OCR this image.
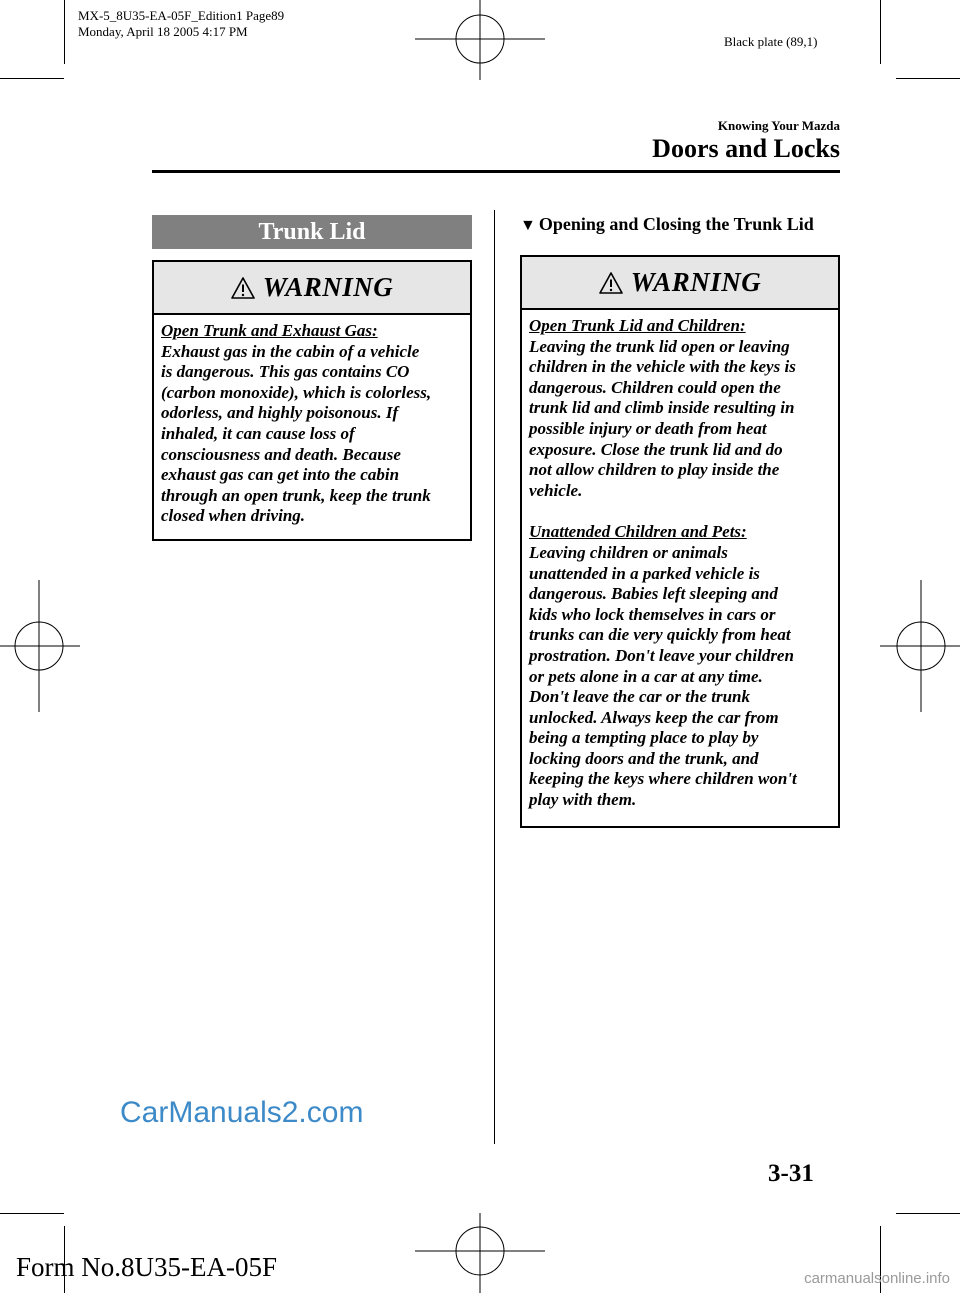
MX-5_8U35-EA-05F_Edition1 Page89
Monday, April 18 2005 4:17 PM
Black plate (89,1)
Knowing Your Mazda
Doors and Locks
Trunk Lid
WARNING
Open Trunk and Exhaust Gas:

Exhaust gas in the cabin of a vehicle

is dangerous. This gas contains CO

(carbon monoxide), which is colorless,

odorless, and highly poisonous. If

inhaled, it can cause loss of

consciousness and death. Because

exhaust gas can get into the cabin

through an open trunk, keep the trunk

closed when driving.

▼ Opening and Closing the Trunk Lid
WARNING
Open Trunk Lid and Children:

Leaving the trunk lid open or leaving

children in the vehicle with the keys is

dangerous. Children could open the

trunk lid and climb inside resulting in

possible injury or death from heat

exposure. Close the trunk lid and do

not allow children to play inside the

vehicle.

Unattended Children and Pets:

Leaving children or animals

unattended in a parked vehicle is

dangerous. Babies left sleeping and

kids who lock themselves in cars or

trunks can die very quickly from heat

prostration. Don't leave your children

or pets alone in a car at any time.

Don't leave the car or the trunk

unlocked. Always keep the car from

being a tempting place to play by

locking doors and the trunk, and

keeping the keys where children won't

play with them.

CarManuals2.com
3-31
Form No.8U35-EA-05F	carmanualsonline.info
